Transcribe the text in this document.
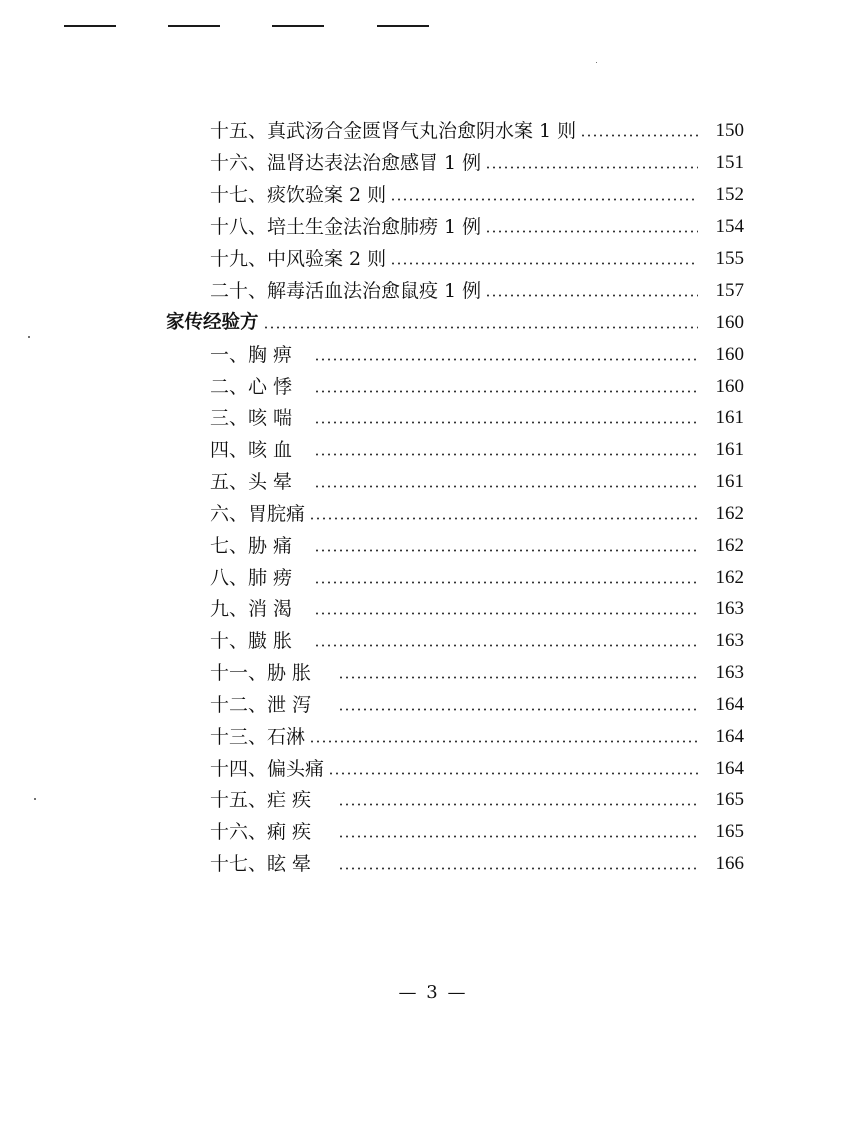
十五、真武汤合金匮肾气丸治愈阴水案 1 则	150
十六、温肾达表法治愈感冒 1 例	151
十七、痰饮验案 2 则	152
十八、培土生金法治愈肺痨 1 例	154
十九、中风验案 2 则	155
二十、解毒活血法治愈鼠疫 1 例	157
家传经验方	160
一、胸 痹	160
二、心 悸	160
三、咳 喘	161
四、咳 血	161
五、头 晕	161
六、胃脘痛	162
七、胁 痛	162
八、肺 痨	162
九、消 渴	163
十、臌 胀	163
十一、胁 胀	163
十二、泄 泻	164
十三、石淋	164
十四、偏头痛	164
十五、疟 疾	165
十六、痢 疾	165
十七、眩 晕	166
— 3 —
